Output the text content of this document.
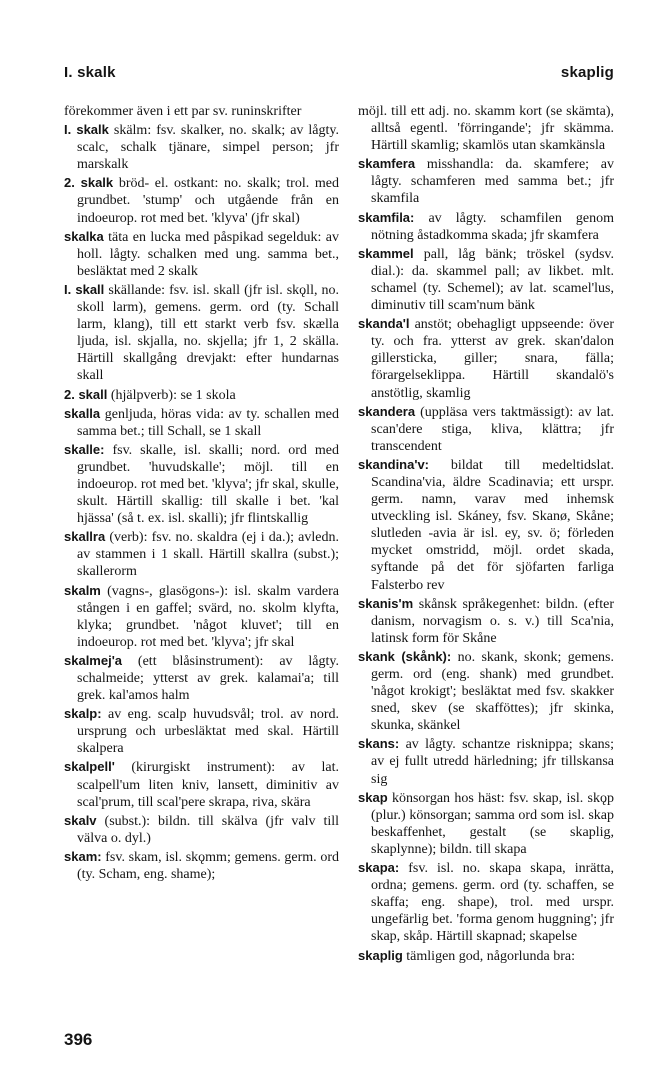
I. skalk	skaplig

förekommer även i ett par sv. runinskrifter

I. skalk skälm: fsv. skalker, no. skalk; av lågty. scalc, schalk tjänare, simpel person; jfr marskalk

2. skalk bröd- el. ostkant: no. skalk; trol. med grundbet. 'stump' och utgående från en indoeurop. rot med bet. 'klyva' (jfr skal)

skalka täta en lucka med påspikad segelduk: av holl. lågty. schalken med ung. samma bet., besläktat med 2 skalk

I. skall skällande: fsv. isl. skall (jfr isl. skǫll, no. skoll larm), gemens. germ. ord (ty. Schall larm, klang), till ett starkt verb fsv. skælla ljuda, isl. skjalla, no. skjella; jfr 1, 2 skälla. Härtill skallgång drevjakt: efter hundarnas skall

2. skall (hjälpverb): se 1 skola

skalla genljuda, höras vida: av ty. schallen med samma bet.; till Schall, se 1 skall

skalle: fsv. skalle, isl. skalli; nord. ord med grundbet. 'huvudskalle'; möjl. till en indoeurop. rot med bet. 'klyva'; jfr skal, skulle, skult. Härtill skallig: till skalle i bet. 'kal hjässa' (så t. ex. isl. skalli); jfr flintskallig

skallra (verb): fsv. no. skaldra (ej i da.); avledn. av stammen i 1 skall. Härtill skallra (subst.); skallerorm

skalm (vagns-, glasögons-): isl. skalm vardera stången i en gaffel; svärd, no. skolm klyfta, klyka; grundbet. 'något kluvet'; till en indoeurop. rot med bet. 'klyva'; jfr skal

skalmej'a (ett blåsinstrument): av lågty. schalmeide; ytterst av grek. kalamai'a; till grek. kal'amos halm

skalp: av eng. scalp huvudsvål; trol. av nord. ursprung och urbesläktat med skal. Härtill skalpera

skalpell' (kirurgiskt instrument): av lat. scalpell'um liten kniv, lansett, diminitiv av scal'prum, till scal'pere skrapa, riva, skära

skalv (subst.): bildn. till skälva (jfr valv till välva o. dyl.)

skam: fsv. skam, isl. skǫmm; gemens. germ. ord (ty. Scham, eng. shame);

möjl. till ett adj. no. skamm kort (se skämta), alltså egentl. 'förringande'; jfr skämma. Härtill skamlig; skamlös utan skamkänsla

skamfera misshandla: da. skamfere; av lågty. schamferen med samma bet.; jfr skamfila

skamfila: av lågty. schamfilen genom nötning åstadkomma skada; jfr skamfera

skammel pall, låg bänk; tröskel (sydsv. dial.): da. skammel pall; av likbet. mlt. schamel (ty. Schemel); av lat. scamel'lus, diminutiv till scam'num bänk

skanda'l anstöt; obehagligt uppseende: över ty. och fra. ytterst av grek. skan'dalon gillersticka, giller; snara, fälla; förargelseklippa. Härtill skandalö's anstötlig, skamlig

skandera (uppläsa vers taktmässigt): av lat. scan'dere stiga, kliva, klättra; jfr transcendent

skandina'v: bildat till medeltidslat. Scandina'via, äldre Scadinavia; ett urspr. germ. namn, varav med inhemsk utveckling isl. Skáney, fsv. Skanø, Skåne; slutleden -avia är isl. ey, sv. ö; förleden mycket omstridd, möjl. ordet skada, syftande på det för sjöfarten farliga Falsterbo rev

skanis'm skånsk språkegenhet: bildn. (efter danism, norvagism o. s. v.) till Sca'nia, latinsk form för Skåne

skank (skånk): no. skank, skonk; gemens. germ. ord (eng. shank) med grundbet. 'något krokigt'; besläktat med fsv. skakker sned, skev (se skafföttes); jfr skinka, skunka, skänkel

skans: av lågty. schantze risknippa; skans; av ej fullt utredd härledning; jfr tillskansa sig

skap könsorgan hos häst: fsv. skap, isl. skǫp (plur.) könsorgan; samma ord som isl. skap beskaffenhet, gestalt (se skaplig, skaplynne); bildn. till skapa

skapa: fsv. isl. no. skapa skapa, inrätta, ordna; gemens. germ. ord (ty. schaffen, se skaffa; eng. shape), trol. med urspr. ungefärlig bet. 'forma genom huggning'; jfr skap, skåp. Härtill skapnad; skapelse

skaplig tämligen god, någorlunda bra:

396
